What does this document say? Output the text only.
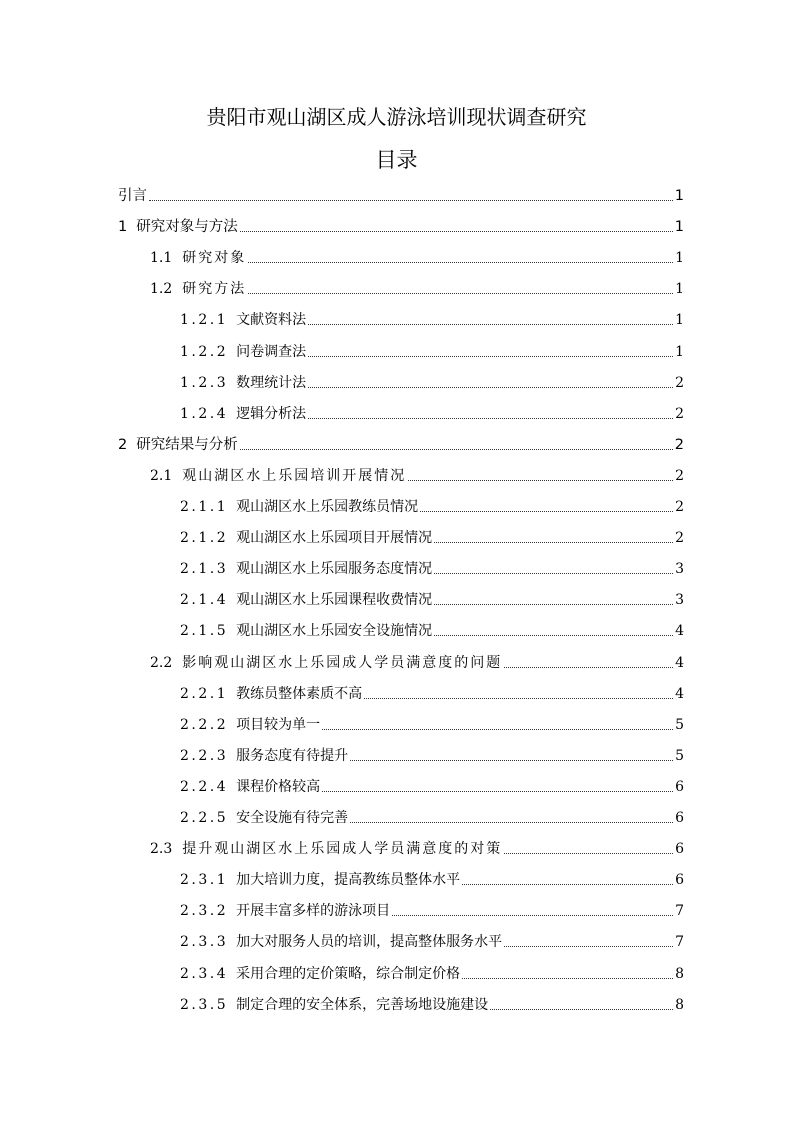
贵阳市观山湖区成人游泳培训现状调查研究
目录
引言	1
1 研究对象与方法	1
1.1 研究对象	1
1.2 研究方法	1
1.2.1 文献资料法	1
1.2.2 问卷调查法	1
1.2.3 数理统计法	2
1.2.4 逻辑分析法	2
2 研究结果与分析	2
2.1 观山湖区水上乐园培训开展情况	2
2.1.1 观山湖区水上乐园教练员情况	2
2.1.2 观山湖区水上乐园项目开展情况	2
2.1.3 观山湖区水上乐园服务态度情况	3
2.1.4 观山湖区水上乐园课程收费情况	3
2.1.5 观山湖区水上乐园安全设施情况	4
2.2 影响观山湖区水上乐园成人学员满意度的问题	4
2.2.1 教练员整体素质不高	4
2.2.2 项目较为单一	5
2.2.3 服务态度有待提升	5
2.2.4 课程价格较高	6
2.2.5 安全设施有待完善	6
2.3 提升观山湖区水上乐园成人学员满意度的对策	6
2.3.1 加大培训力度，提高教练员整体水平	6
2.3.2 开展丰富多样的游泳项目	7
2.3.3 加大对服务人员的培训，提高整体服务水平	7
2.3.4 采用合理的定价策略，综合制定价格	8
2.3.5 制定合理的安全体系，完善场地设施建设	8
